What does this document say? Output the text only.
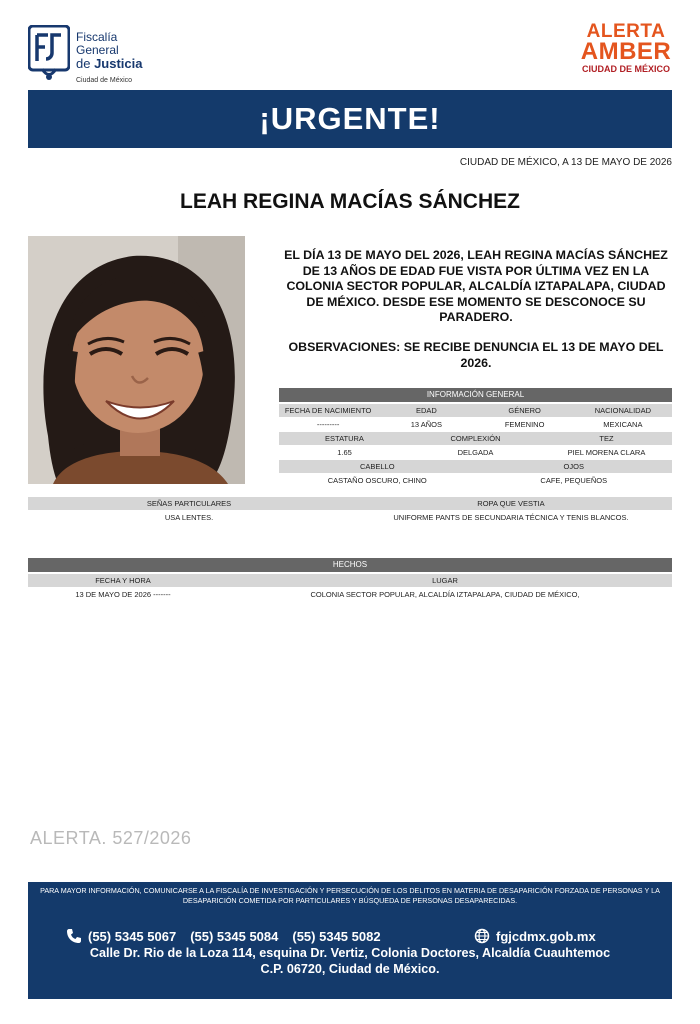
Fiscalía
General
de Justicia
Ciudad de México
ALERTA
AMBER
CIUDAD DE MÉXICO
¡URGENTE!
CIUDAD DE MÉXICO, A 13 DE MAYO DE 2026
LEAH REGINA MACÍAS SÁNCHEZ
EL DÍA 13 DE MAYO DEL 2026, LEAH REGINA MACÍAS SÁNCHEZ DE 13 AÑOS DE EDAD FUE VISTA POR ÚLTIMA VEZ EN LA COLONIA SECTOR POPULAR, ALCALDÍA IZTAPALAPA, CIUDAD DE MÉXICO. DESDE ESE MOMENTO SE DESCONOCE SU PARADERO.
OBSERVACIONES: SE RECIBE DENUNCIA EL 13 DE MAYO DEL 2026.
INFORMACIÓN GENERAL
FECHA DE NACIMIENTO	EDAD	GÉNERO	NACIONALIDAD
---------	13 AÑOS	FEMENINO	MEXICANA
ESTATURA	COMPLEXIÓN	TEZ
1.65	DELGADA	PIEL MORENA CLARA
CABELLO	OJOS
CASTAÑO OSCURO, CHINO	CAFE, PEQUEÑOS
SEÑAS PARTICULARES	ROPA QUE VESTIA
USA LENTES.	UNIFORME PANTS DE SECUNDARIA TÉCNICA Y TENIS BLANCOS.
HECHOS
FECHA Y HORA	LUGAR
13 DE MAYO DE 2026 -------	COLONIA SECTOR POPULAR, ALCALDÍA IZTAPALAPA, CIUDAD DE MÉXICO,
ALERTA. 527/2026
PARA MAYOR INFORMACIÓN, COMUNICARSE A LA FISCALÍA DE INVESTIGACIÓN Y PERSECUCIÓN DE LOS DELITOS EN MATERIA DE DESAPARICIÓN FORZADA DE PERSONAS Y LA DESAPARICIÓN COMETIDA POR PARTICULARES Y BÚSQUEDA DE PERSONAS DESAPARECIDAS.
(55) 5345 5067 (55) 5345 5084 (55) 5345 5082	fgjcdmx.gob.mx
Calle Dr. Rio de la Loza 114, esquina Dr. Vertiz, Colonia Doctores, Alcaldía Cuauhtemoc
C.P. 06720, Ciudad de México.
